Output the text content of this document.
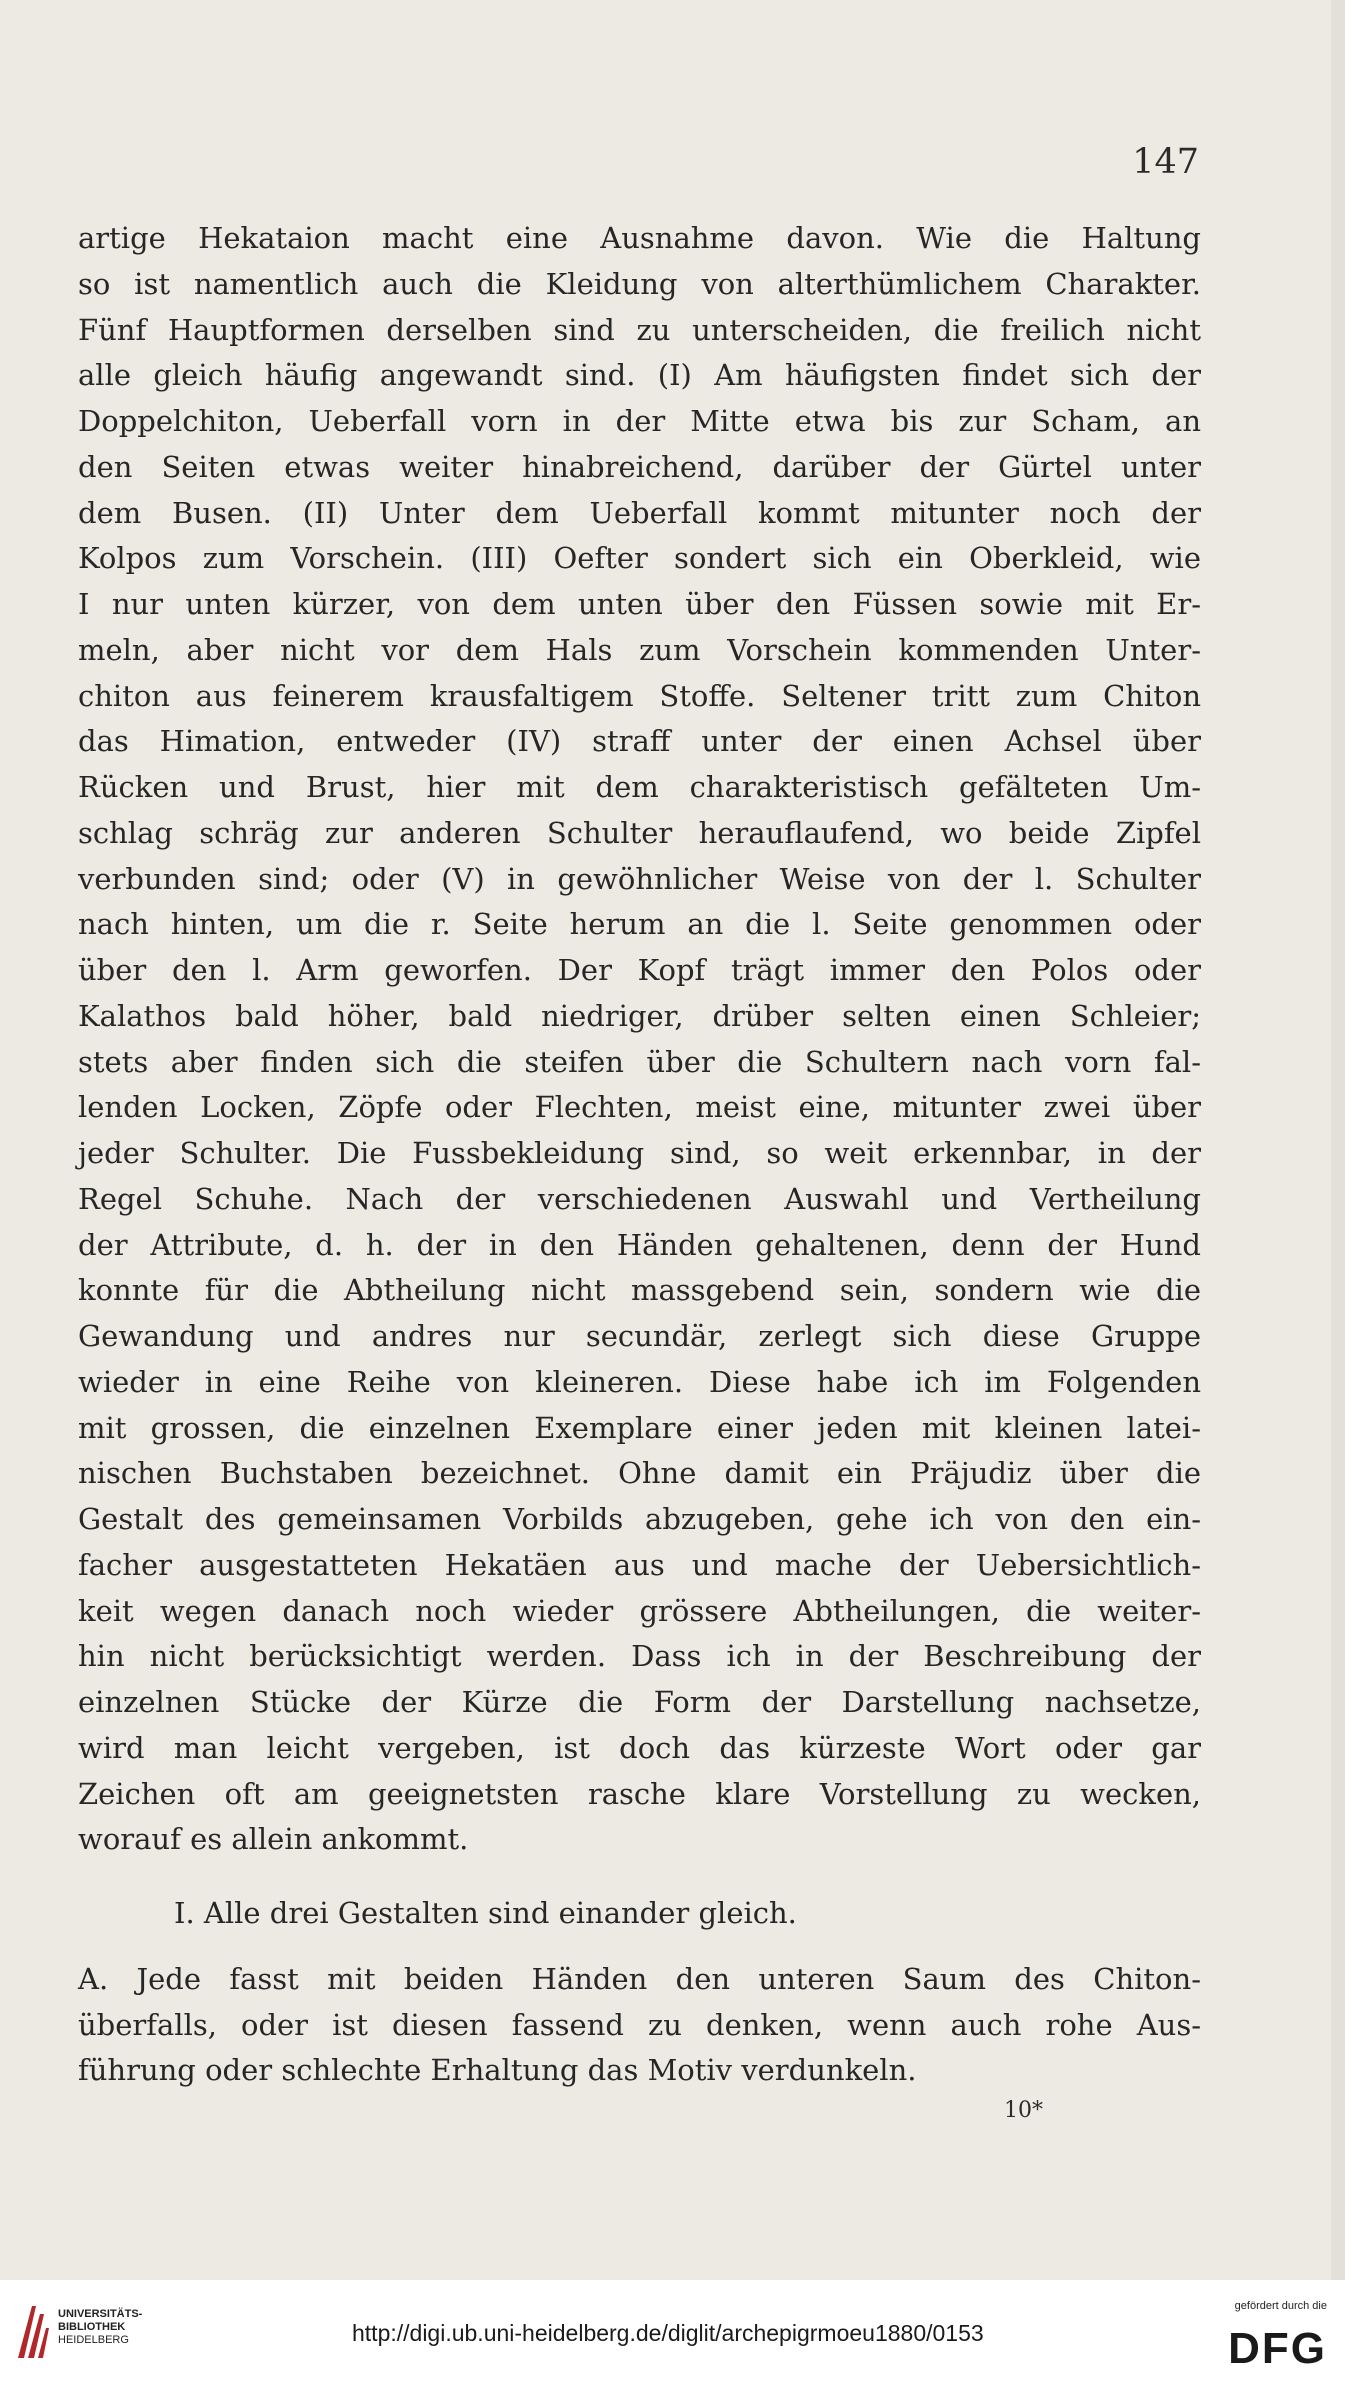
147
artige Hekataion macht eine Ausnahme davon. Wie die Haltung
so ist namentlich auch die Kleidung von alterthümlichem Charakter.
Fünf Hauptformen derselben sind zu unterscheiden, die freilich nicht
alle gleich häufig angewandt sind. (I) Am häufigsten findet sich der
Doppelchiton, Ueberfall vorn in der Mitte etwa bis zur Scham, an
den Seiten etwas weiter hinabreichend, darüber der Gürtel unter
dem Busen. (II) Unter dem Ueberfall kommt mitunter noch der
Kolpos zum Vorschein. (III) Oefter sondert sich ein Oberkleid, wie
I nur unten kürzer, von dem unten über den Füssen sowie mit Er-
meln, aber nicht vor dem Hals zum Vorschein kommenden Unter-
chiton aus feinerem krausfaltigem Stoffe. Seltener tritt zum Chiton
das Himation, entweder (IV) straff unter der einen Achsel über
Rücken und Brust, hier mit dem charakteristisch gefälteten Um-
schlag schräg zur anderen Schulter herauflaufend, wo beide Zipfel
verbunden sind; oder (V) in gewöhnlicher Weise von der l. Schulter
nach hinten, um die r. Seite herum an die l. Seite genommen oder
über den l. Arm geworfen. Der Kopf trägt immer den Polos oder
Kalathos bald höher, bald niedriger, drüber selten einen Schleier;
stets aber finden sich die steifen über die Schultern nach vorn fal-
lenden Locken, Zöpfe oder Flechten, meist eine, mitunter zwei über
jeder Schulter. Die Fussbekleidung sind, so weit erkennbar, in der
Regel Schuhe. Nach der verschiedenen Auswahl und Vertheilung
der Attribute, d. h. der in den Händen gehaltenen, denn der Hund
konnte für die Abtheilung nicht massgebend sein, sondern wie die
Gewandung und andres nur secundär, zerlegt sich diese Gruppe
wieder in eine Reihe von kleineren. Diese habe ich im Folgenden
mit grossen, die einzelnen Exemplare einer jeden mit kleinen latei-
nischen Buchstaben bezeichnet. Ohne damit ein Präjudiz über die
Gestalt des gemeinsamen Vorbilds abzugeben, gehe ich von den ein-
facher ausgestatteten Hekatäen aus und mache der Uebersichtlich-
keit wegen danach noch wieder grössere Abtheilungen, die weiter-
hin nicht berücksichtigt werden. Dass ich in der Beschreibung der
einzelnen Stücke der Kürze die Form der Darstellung nachsetze,
wird man leicht vergeben, ist doch das kürzeste Wort oder gar
Zeichen oft am geeignetsten rasche klare Vorstellung zu wecken,
worauf es allein ankommt.
I. Alle drei Gestalten sind einander gleich.
A. Jede fasst mit beiden Händen den unteren Saum des Chiton-
überfalls, oder ist diesen fassend zu denken, wenn auch rohe Aus-
führung oder schlechte Erhaltung das Motiv verdunkeln.
10*
UNIVERSITÄTS-
BIBLIOTHEK
HEIDELBERG	http://digi.ub.uni-heidelberg.de/diglit/archepigrmoeu1880/0153
gefördert durch die
DFG
